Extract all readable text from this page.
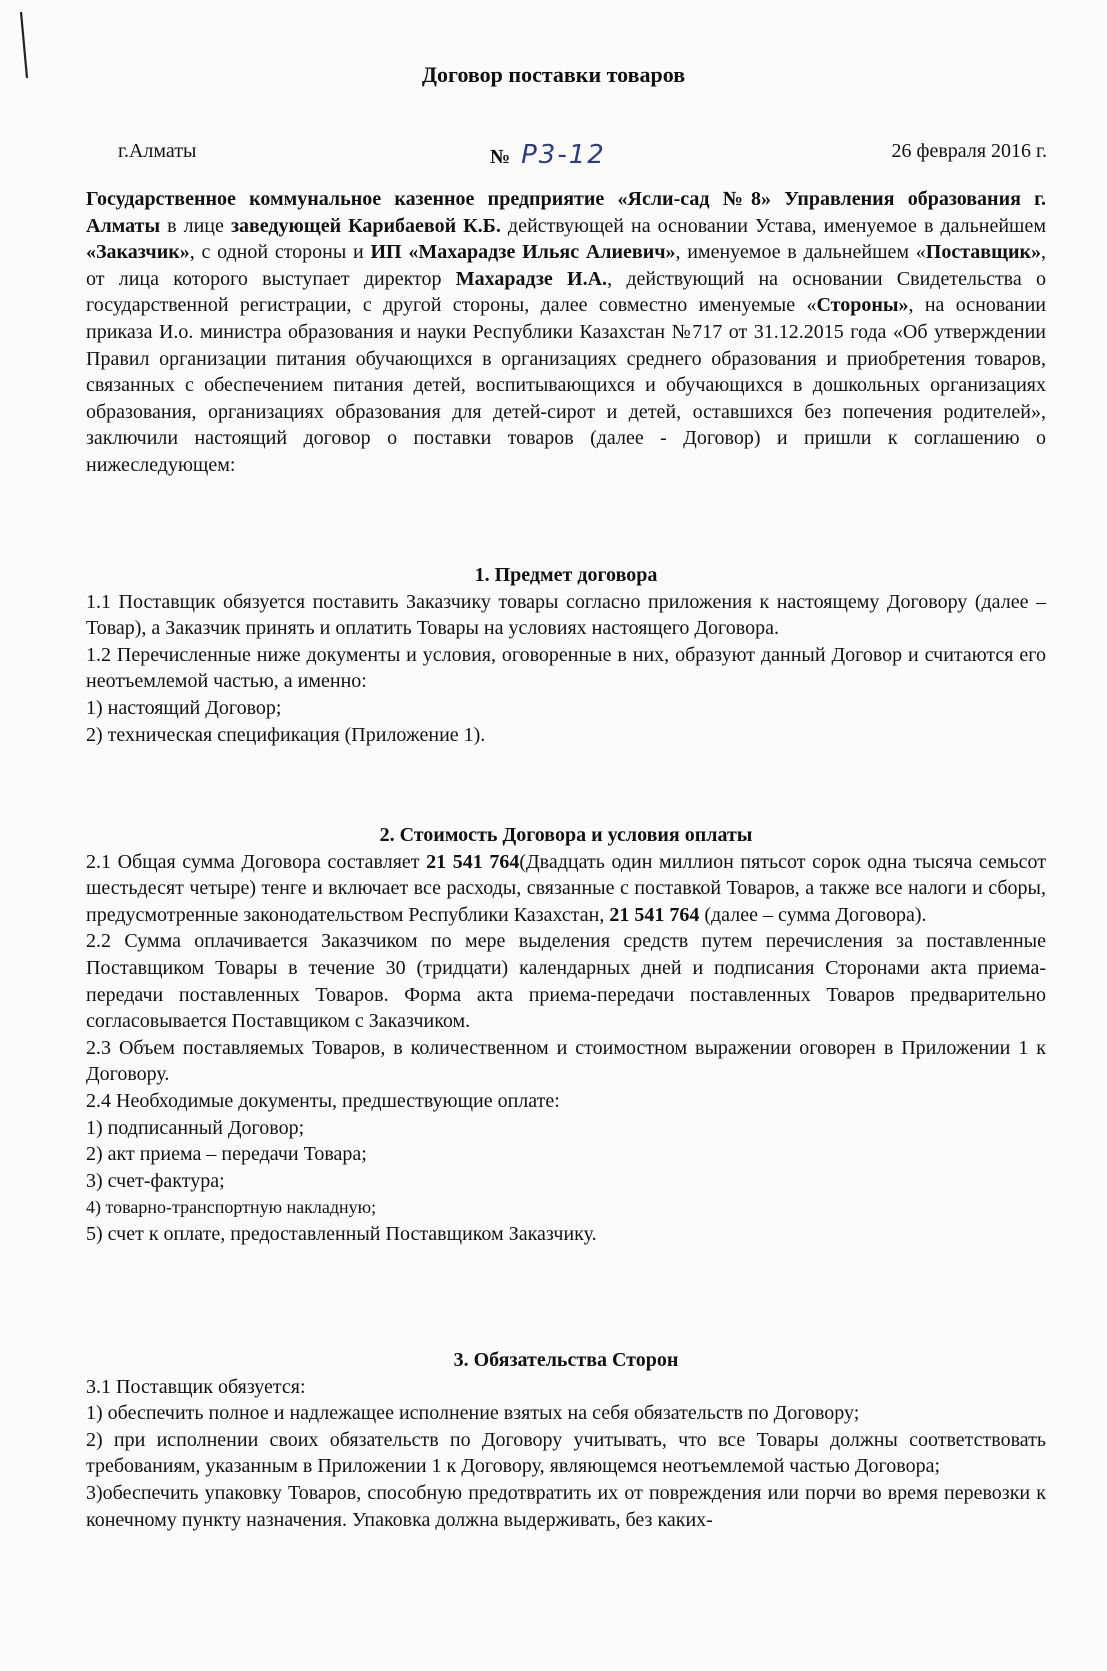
Договор поставки товаров
г.Алматы	№ P3-12	26 февраля 2016 г.

Государственное коммунальное казенное предприятие «Ясли-сад №8» Управления образования г. Алматы в лице заведующей Карибаевой К.Б. действующей на основании Устава, именуемое в дальнейшем «Заказчик», с одной стороны и ИП «Махарадзе Ильяс Алиевич», именуемое в дальнейшем «Поставщик», от лица которого выступает директор Махарадзе И.А., действующий на основании Свидетельства о государственной регистрации, с другой стороны, далее совместно именуемые «Стороны», на основании приказа И.о. министра образования и науки Республики Казахстан №717 от 31.12.2015 года «Об утверждении Правил организации питания обучающихся в организациях среднего образования и приобретения товаров, связанных с обеспечением питания детей, воспитывающихся и обучающихся в дошкольных организациях образования, организациях образования для детей-сирот и детей, оставшихся без попечения родителей», заключили настоящий договор о поставки товаров (далее - Договор) и пришли к соглашению о нижеследующем:

1. Предмет договора

1.1 Поставщик обязуется поставить Заказчику товары согласно приложения к настоящему Договору (далее – Товар), а Заказчик принять и оплатить Товары на условиях настоящего Договора.

1.2 Перечисленные ниже документы и условия, оговоренные в них, образуют данный Договор и считаются его неотъемлемой частью, а именно:

1) настоящий Договор;

2) техническая спецификация (Приложение 1).

2. Стоимость Договора и условия оплаты

2.1 Общая сумма Договора составляет 21 541 764(Двадцать один миллион пятьсот сорок одна тысяча семьсот шестьдесят четыре) тенге и включает все расходы, связанные с поставкой Товаров, а также все налоги и сборы, предусмотренные законодательством Республики Казахстан, 21 541 764 (далее – сумма Договора).

2.2 Сумма оплачивается Заказчиком по мере выделения средств путем перечисления за поставленные Поставщиком Товары в течение 30 (тридцати) календарных дней и подписания Сторонами акта приема-передачи поставленных Товаров. Форма акта приема-передачи поставленных Товаров предварительно согласовывается Поставщиком с Заказчиком.

2.3 Объем поставляемых Товаров, в количественном и стоимостном выражении оговорен в Приложении 1 к Договору.

2.4 Необходимые документы, предшествующие оплате:

1) подписанный Договор;

2) акт приема – передачи Товара;

3) счет-фактура;

4) товарно-транспортную накладную;

5) счет к оплате, предоставленный Поставщиком Заказчику.

3. Обязательства Сторон

3.1 Поставщик обязуется:

1) обеспечить полное и надлежащее исполнение взятых на себя обязательств по Договору;

2) при исполнении своих обязательств по Договору учитывать, что все Товары должны соответствовать требованиям, указанным в Приложении 1 к Договору, являющемся неотъемлемой частью Договора;

3)обеспечить упаковку Товаров, способную предотвратить их от повреждения или порчи во время перевозки к конечному пункту назначения. Упаковка должна выдерживать, без каких-
